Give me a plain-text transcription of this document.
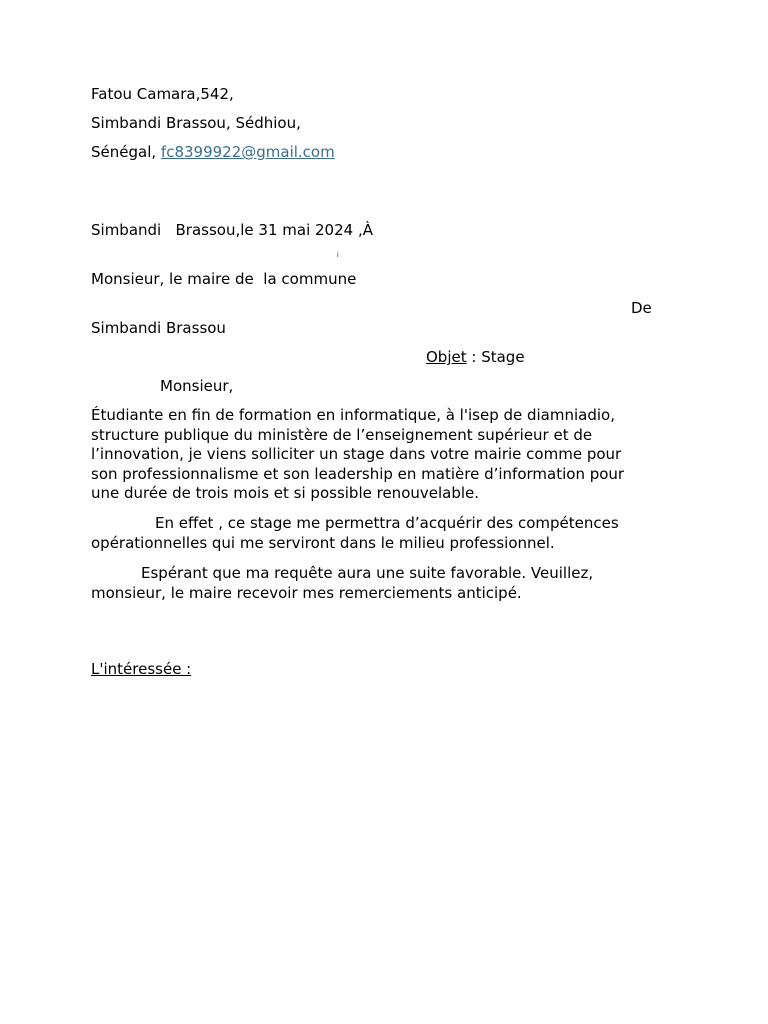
Fatou Camara,542,
Simbandi Brassou, Sédhiou,
Sénégal, fc8399922@gmail.com
Simbandi   Brassou,le 31 mai 2024 ,À
i
Monsieur, le maire de  la commune
De
Simbandi Brassou
Objet : Stage
Monsieur,
Étudiante en fin de formation en informatique, à l'isep de diamniadio,
structure publique du ministère de l’enseignement supérieur et de
l’innovation, je viens solliciter un stage dans votre mairie comme pour
son professionnalisme et son leadership en matière d’information pour
une durée de trois mois et si possible renouvelable.
En effet , ce stage me permettra d’acquérir des compétences
opérationnelles qui me serviront dans le milieu professionnel.
Espérant que ma requête aura une suite favorable. Veuillez,
monsieur, le maire recevoir mes remerciements anticipé.
L'intéressée :
